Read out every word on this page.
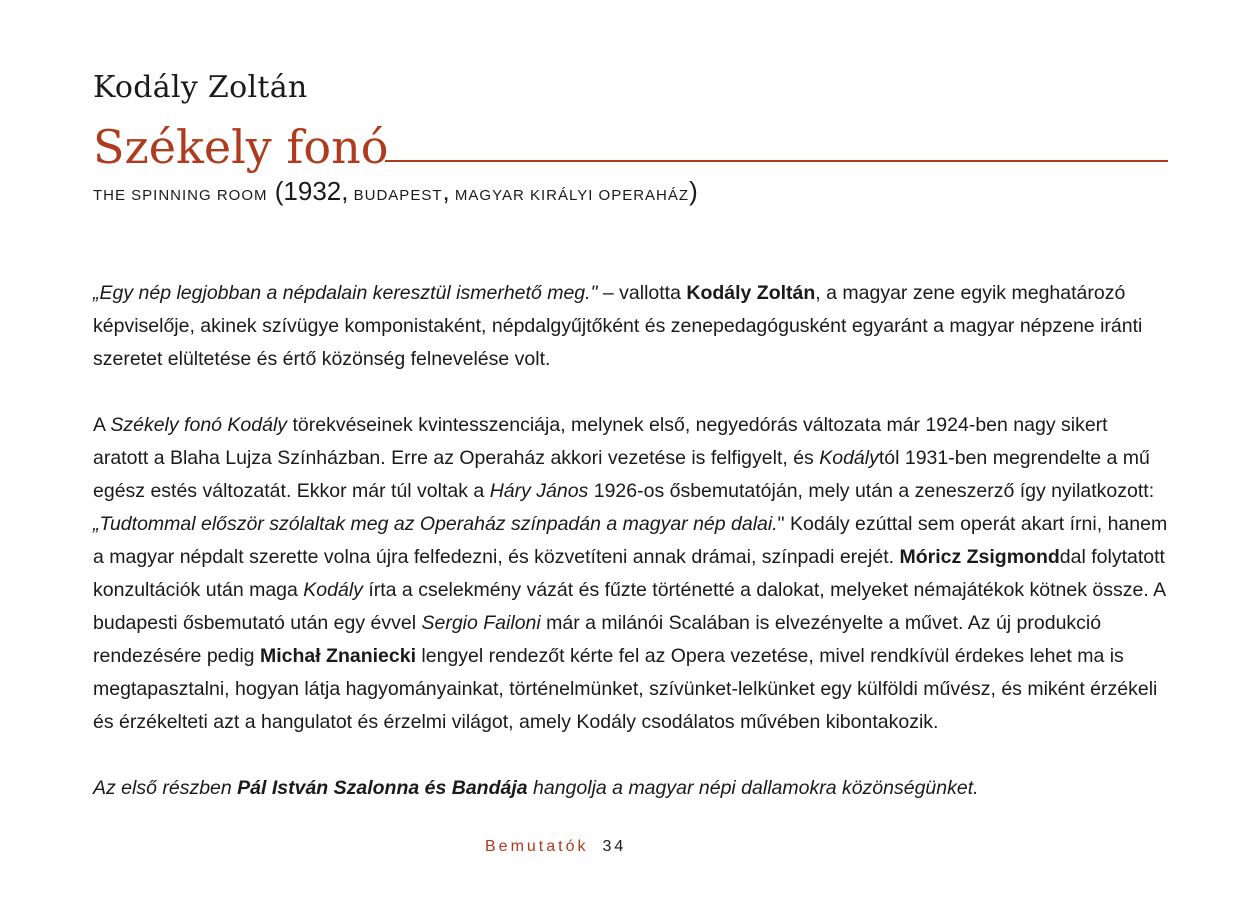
Kodály Zoltán
Székely fonó
THE SPINNING ROOM (1932, BUDAPEST, MAGYAR KIRÁLYI OPERAHÁZ)

„Egy nép legjobban a népdalain keresztül ismerhető meg." – vallotta Kodály Zoltán, a magyar zene egyik meghatározó képviselője, akinek szívügye komponistaként, népdalgyűjtőként és zenepedagógusként egyaránt a magyar népzene iránti szeretet elültetése és értő közönség felnevelése volt.

A Székely fonó Kodály törekvéseinek kvintesszenciája, melynek első, negyedórás változata már 1924-ben nagy sikert aratott a Blaha Lujza Színházban. Erre az Operaház akkori vezetése is felfigyelt, és Kodálytól 1931-ben megrendelte a mű egész estés változatát. Ekkor már túl voltak a Háry János 1926-os ősbemutatóján, mely után a zeneszerző így nyilatkozott: „Tudtommal először szólaltak meg az Operaház színpadán a magyar nép dalai." Kodály ezúttal sem operát akart írni, hanem a magyar népdalt szerette volna újra felfedezni, és közvetíteni annak drámai, színpadi erejét. Móricz Zsigmonddal folytatott konzultációk után maga Kodály írta a cselekmény vázát és fűzte történetté a dalokat, melyeket némajátékok kötnek össze. A budapesti ősbemutató után egy évvel Sergio Failoni már a milánói Scalában is elvezényelte a művet. Az új produkció rendezésére pedig Michał Znaniecki lengyel rendezőt kérte fel az Opera vezetése, mivel rendkívül érdekes lehet ma is megtapasztalni, hogyan látja hagyományainkat, történelmünket, szívünket-lelkünket egy külföldi művész, és miként érzékeli és érzékelteti azt a hangulatot és érzelmi világot, amely Kodály csodálatos művében kibontakozik.

Az első részben Pál István Szalonna és Bandája hangolja a magyar népi dallamokra közönségünket.

Bemutatók 34
